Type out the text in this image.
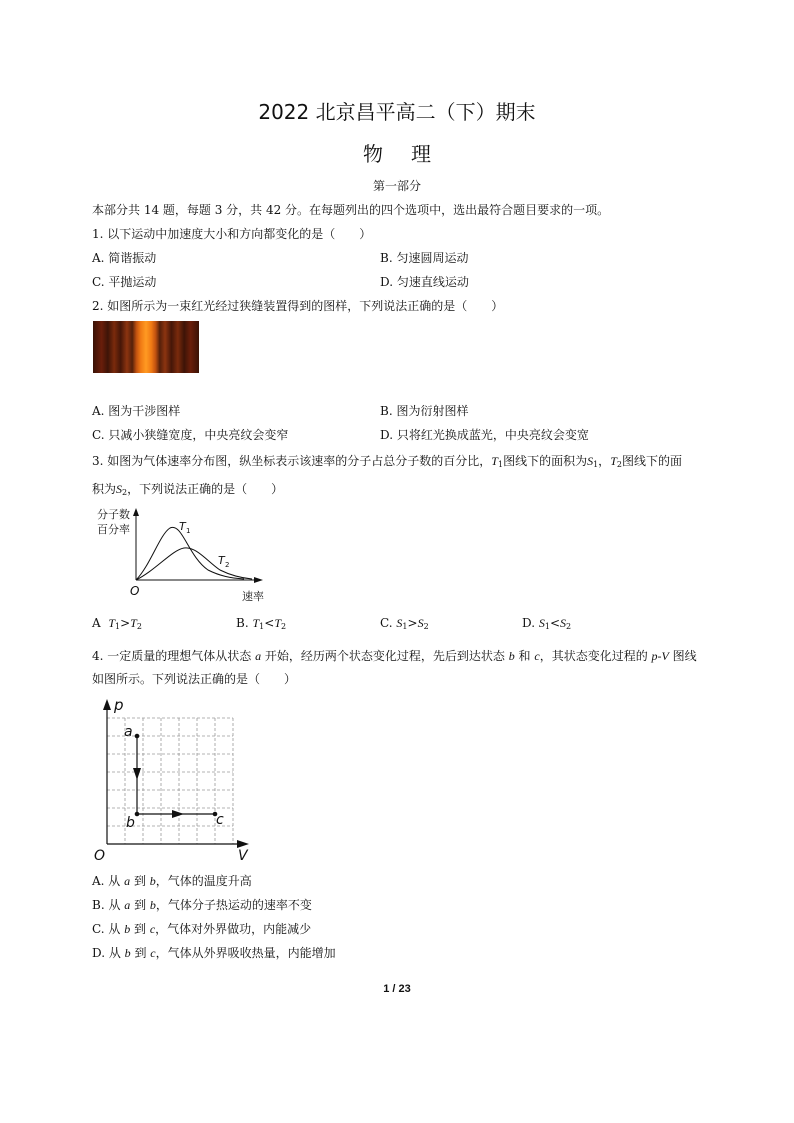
2022 北京昌平高二（下）期末
物理
第一部分
本部分共 14 题，每题 3 分，共 42 分。在每题列出的四个选项中，选出最符合题目要求的一项。
1. 以下运动中加速度大小和方向都变化的是（　　）
A. 简谐振动	B. 匀速圆周运动
C. 平抛运动	D. 匀速直线运动
2. 如图所示为一束红光经过狭缝装置得到的图样，下列说法正确的是（　　）
A. 图为干涉图样	B. 图为衍射图样
C. 只减小狭缝宽度，中央亮纹会变窄	D. 只将红光换成蓝光，中央亮纹会变宽
3. 如图为气体速率分布图，纵坐标表示该速率的分子占总分子数的百分比，$T_1$图线下的面积为$S_1$，$T_2$图线下的面
积为$S_2$，下列说法正确的是（　　）
分子数
百分率	T 1
T 2
O	速率
A $T_1>T_2$	B. $T_1<T_2$	C. $S_1>S_2$	D. $S_1<S_2$
4. 一定质量的理想气体从状态 a 开始，经历两个状态变化过程，先后到达状态 b 和 c，其状态变化过程的 p-V 图线
如图所示。下列说法正确的是（　　）
p
a
b	c
O	V
A. 从 a 到 b，气体的温度升高
B. 从 a 到 b，气体分子热运动的速率不变
C. 从 b 到 c，气体对外界做功，内能减少
D. 从 b 到 c，气体从外界吸收热量，内能增加
1 / 23
